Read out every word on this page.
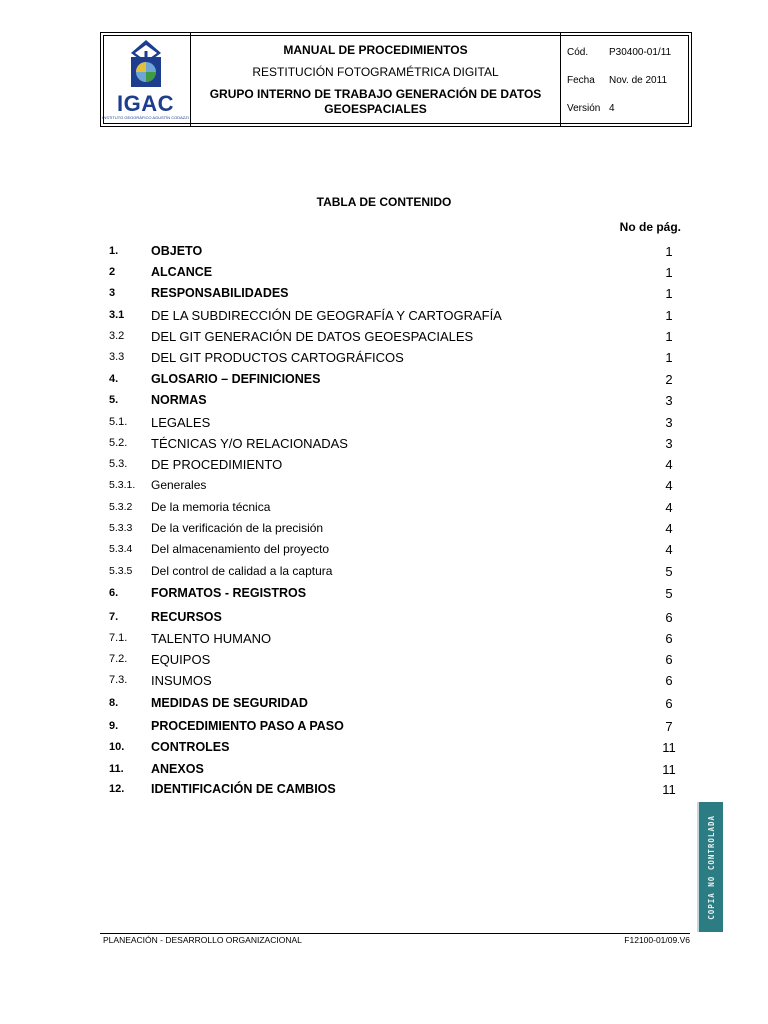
IGAC
INSTITUTO GEOGRÁFICO AGUSTÍN CODAZZI
MANUAL DE PROCEDIMIENTOS
RESTITUCIÓN FOTOGRAMÉTRICA DIGITAL
GRUPO INTERNO DE TRABAJO GENERACIÓN DE DATOS GEOESPACIALES
Cód.	P30400-01/11
Fecha	Nov. de 2011
Versión 4
TABLA DE CONTENIDO
No de pág.
1.	OBJETO	1
2	ALCANCE	1
3	RESPONSABILIDADES	1
3.1	DE LA SUBDIRECCIÓN DE GEOGRAFÍA Y CARTOGRAFÍA	1
3.2	DEL GIT GENERACIÓN DE DATOS GEOESPACIALES	1
3.3	DEL GIT PRODUCTOS CARTOGRÁFICOS	1
4.	GLOSARIO – DEFINICIONES	2
5.	NORMAS	3
5.1.	LEGALES	3
5.2.	TÉCNICAS Y/O RELACIONADAS	3
5.3.	DE PROCEDIMIENTO	4
5.3.1.	Generales	4
5.3.2	De la memoria técnica	4
5.3.3	De la verificación de la precisión	4
5.3.4	Del almacenamiento del proyecto	4
5.3.5	Del control de calidad a la captura	5
6.	FORMATOS - REGISTROS	5
7.	RECURSOS	6
7.1.	TALENTO HUMANO	6
7.2.	EQUIPOS	6
7.3.	INSUMOS	6
8.	MEDIDAS DE SEGURIDAD	6
9.	PROCEDIMIENTO PASO A PASO	7
10.	CONTROLES	11
11.	ANEXOS	11
12.	IDENTIFICACIÓN DE CAMBIOS	11
COPIA NO CONTROLADA
PLANEACIÓN - DESARROLLO ORGANIZACIONAL	F12100-01/09.V6
